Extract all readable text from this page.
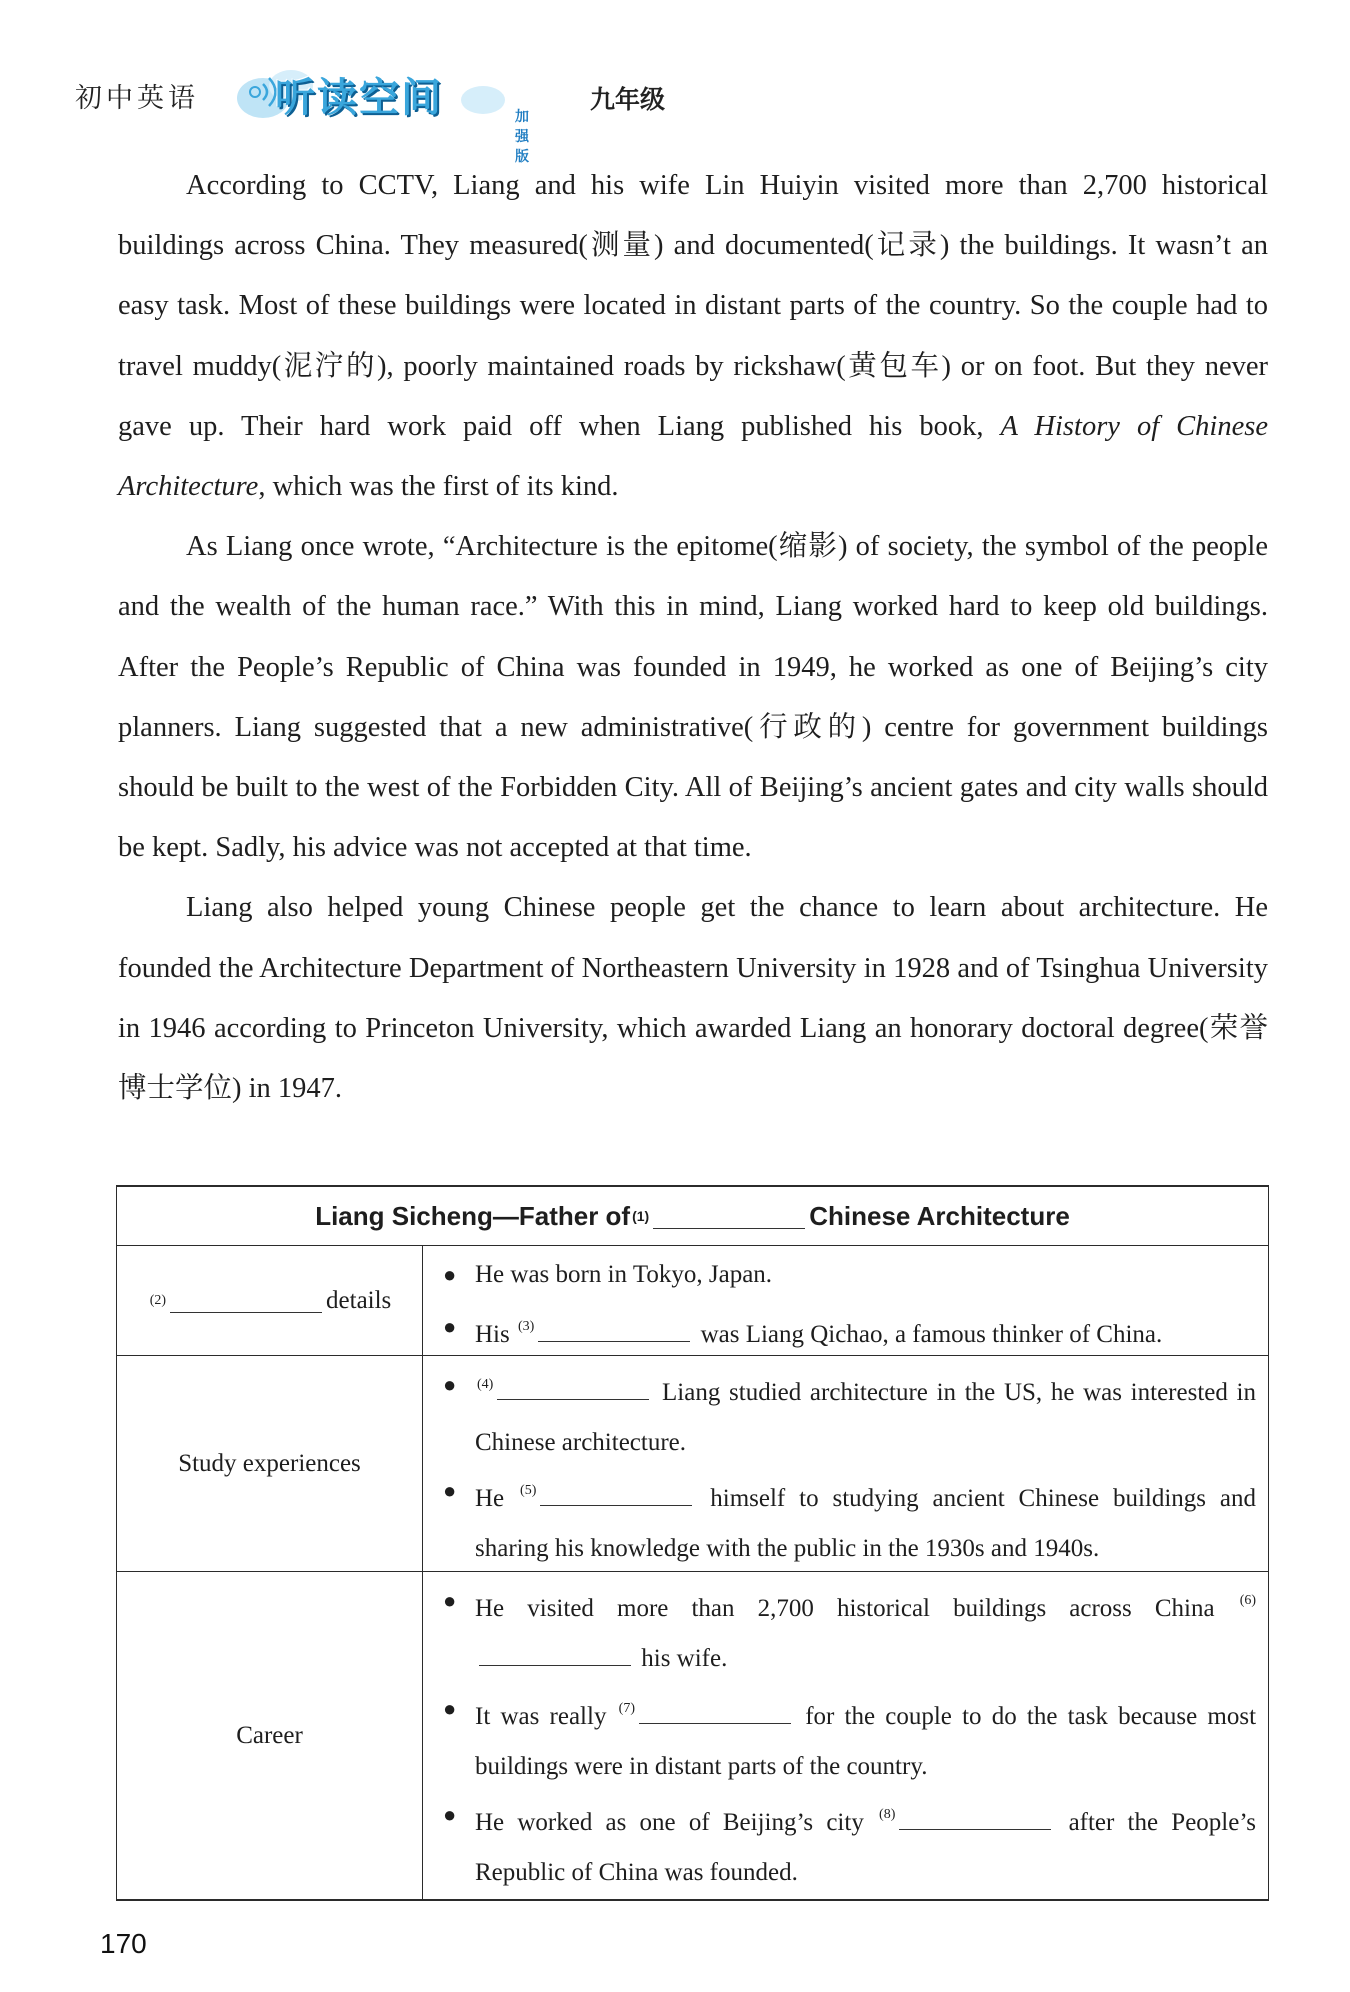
初中英语 听读空间	加强版
九年级

According to CCTV, Liang and his wife Lin Huiyin visited more than 2,700 historical buildings across China. They measured(测量) and documented(记录) the buildings. It wasn’t an easy task. Most of these buildings were located in distant parts of the country. So the couple had to travel muddy(泥泞的), poorly maintained roads by rickshaw(黄包车) or on foot. But they never gave up. Their hard work paid off when Liang published his book, A History of Chinese Architecture, which was the first of its kind.

As Liang once wrote, “Architecture is the epitome(缩影) of society, the symbol of the people and the wealth of the human race.” With this in mind, Liang worked hard to keep old buildings. After the People’s Republic of China was founded in 1949, he worked as one of Beijing’s city planners. Liang suggested that a new administrative(行政的) centre for government buildings should be built to the west of the Forbidden City. All of Beijing’s ancient gates and city walls should be kept. Sadly, his advice was not accepted at that time.

Liang also helped young Chinese people get the chance to learn about architecture. He founded the Architecture Department of Northeastern University in 1928 and of Tsinghua University in 1946 according to Princeton University, which awarded Liang an honorary doctoral degree(荣誉博士学位) in 1947.

Liang Sicheng—Father of (1)	Chinese Architecture
(2)	details
● He was born in Tokyo, Japan.
● His $^{(3)}$	was Liang Qichao, a famous thinker of China.
Study experiences
● $^{(4)}$	Liang studied architecture in the US, he was interested in Chinese architecture.
● He $^{(5)}$	himself to studying ancient Chinese buildings and sharing his knowledge with the public in the 1930s and 1940s.
Career
● He visited more than 2,700 historical buildings across China $^{(6)}$ his wife.
● It was really $^{(7)}$	for the couple to do the task because most buildings were in distant parts of the country.
● He worked as one of Beijing’s city $^{(8)}$	after the People’s Republic of China was founded.
170
